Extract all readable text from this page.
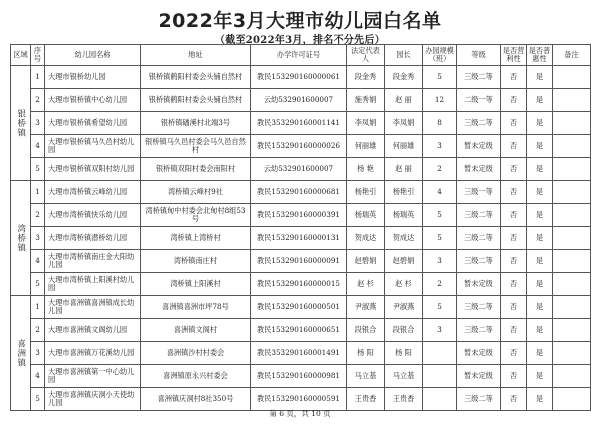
2022年3月大理市幼儿园白名单
（截至2022年3月，排名不分先后）
区域	序号	幼儿园名称	地址	办学许可证号	法定代表人	园长	办园规模（班）	等级	是否营利性	是否普惠性	备注
银桥镇	1	大理市银桥幼儿园	银桥镇鹤阳村委会头铺自然村	教民153290160000061	段金秀	段金秀	5	三级二等	否	是	
	2	大理市银桥镇中心幼儿园	银桥镇鹤阳村委会头铺自然村	云幼532901600007	施秀娟	赵 丽	12	二级一等	否	是	
	3	大理市银桥镇希望幼儿园	银桥镇磻溪村北端3号	教民353290160001141	李凤娟	李凤娟	8	三级二等	否	是	
	4	大理市银桥镇马久邑村幼儿园	银桥镇马久邑村委会马久邑自然村	教民153290160000026	何丽雄	何丽雄	3	暂未定级	否	是	
	5	大理市银桥镇双阳村幼儿园	银桥镇双阳村委会南阳村	云幼532901600007	杨 艳	赵 丽	2	暂未定级	否	是	
湾桥镇	1	大理市湾桥镇云峰幼儿园	湾桥镇云峰村9社	教民153290160000681	杨艳引	杨艳引	4	三级一等	否	是	
	2	大理市湾桥镇快乐幼儿园	湾桥镇甸中村委会北甸村8组53号	教民153290160000391	杨瑞英	杨瑞英	5	三级二等	否	是	
	3	大理市湾桥镇潜桥幼儿园	湾桥镇上湾桥村	教民153290160000131	贺成达	贺成达	5	三级二等	否	是	
	4	大理市湾桥镇南庄金大阳幼儿园	湾桥镇南庄村	教民153290160000091	赵碧娟	赵碧娟	3	三级二等	否	是	
	5	大理市湾桥镇上阳溪村幼儿园	湾桥镇上阳溪村	教民153290160000015	赵 杉	赵 杉	2	暂未定级	否	是	
喜洲镇	1	大理市喜洲镇喜洲镇成长幼儿园	喜洲镇喜洲市坪78号	教民153290160000501	尹淑燕	尹淑燕	5	三级二等	否	是	
	2	大理市喜洲镇文阁幼儿园	喜洲镇文阁村	教民153290160000651	段银合	段银合	3	三级二等	否	是	
	3	大理市喜洲镇万花溪幼儿园	喜洲镇沙村村委会	教民353290160001491	杨 阳	杨 阳		暂未定级	否	是	
	4	大理市喜洲镇第一中心幼儿园	喜洲镇原永兴村委会	教民153290160000981	马立基	马立基		暂未定级	否	是	
	5	大理市喜洲镇庆洞小天使幼儿园	喜洲镇庆洞村8社350号	教民153290160000591	王贵香	王贵香		三级二等	否	是	
第 6 页，共 10 页
